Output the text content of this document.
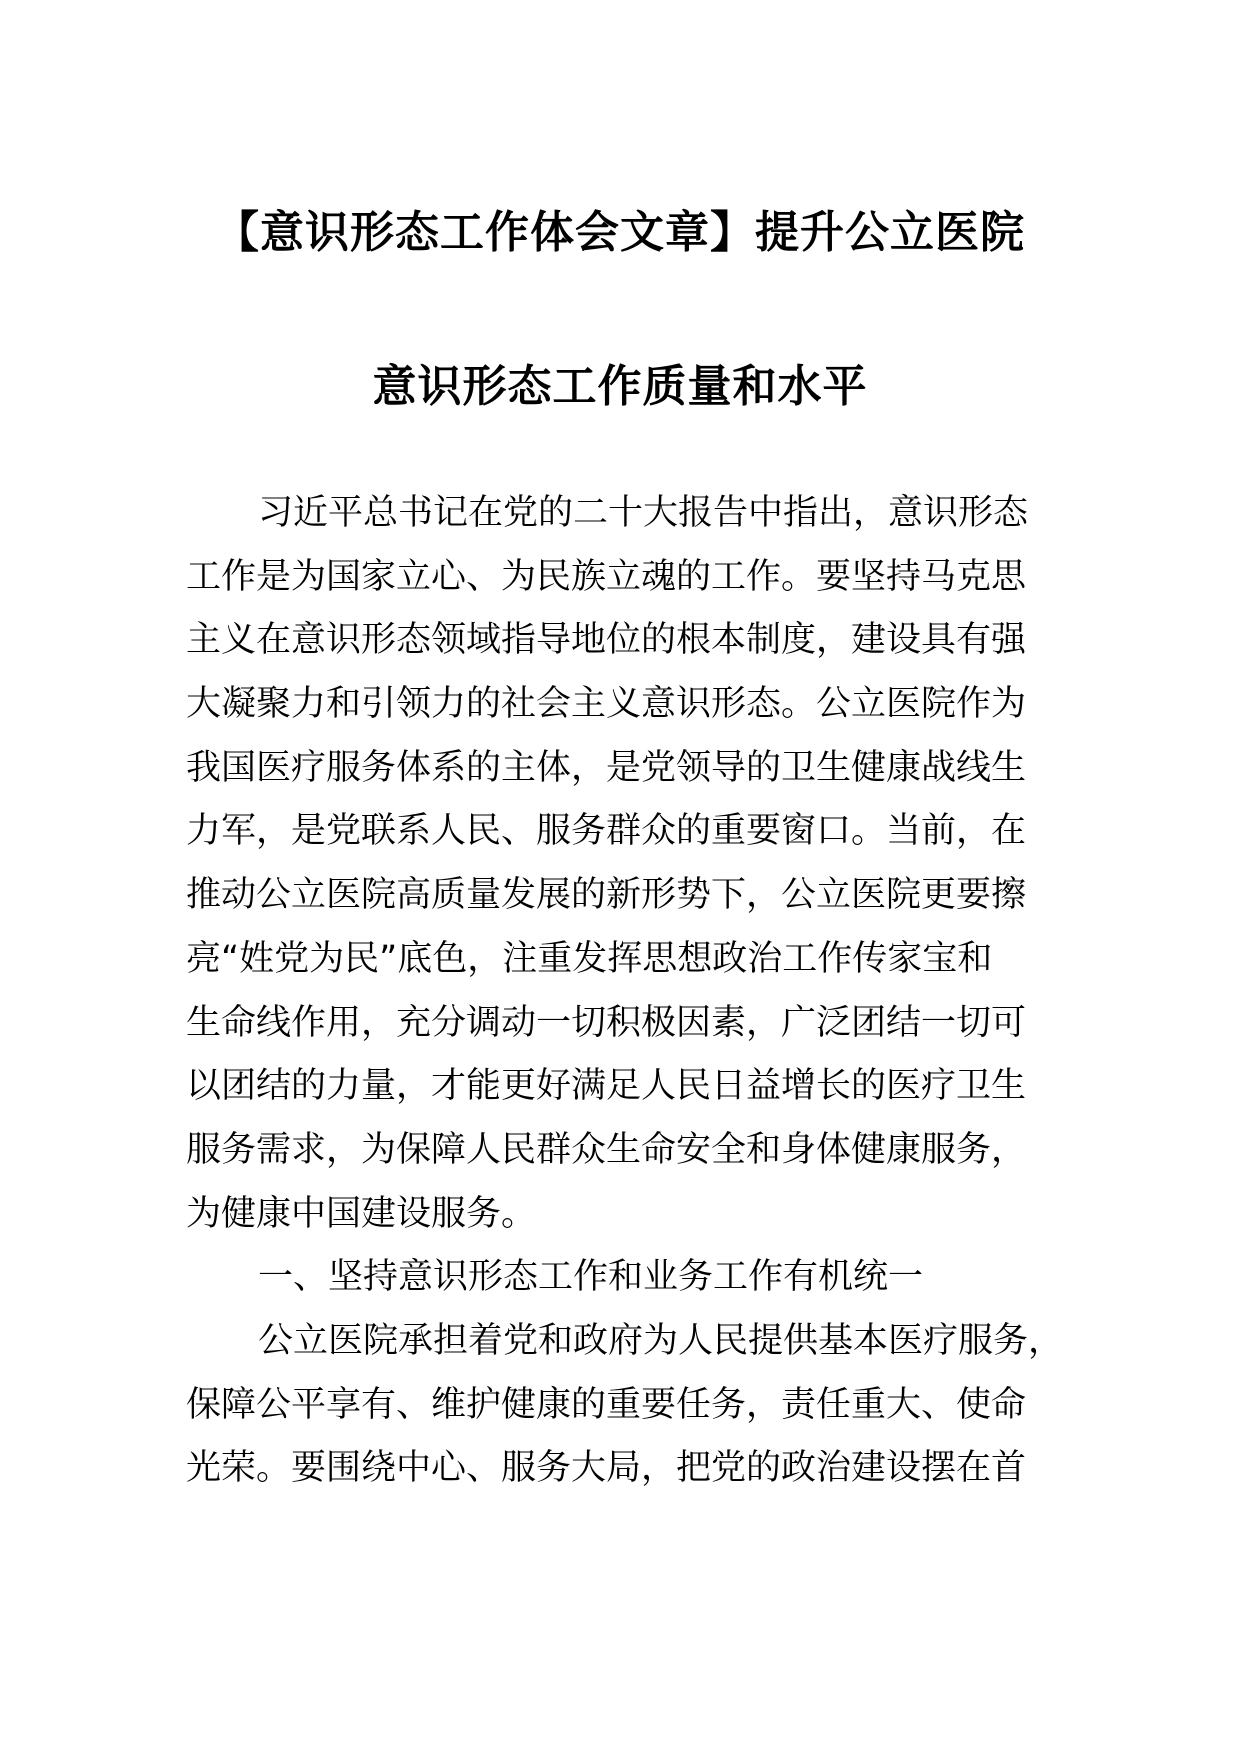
【意识形态工作体会文章】提升公立医院
意识形态工作质量和水平
习近平总书记在党的二十大报告中指出，意识形态
工作是为国家立心、为民族立魂的工作。要坚持马克思
主义在意识形态领域指导地位的根本制度，建设具有强
大凝聚力和引领力的社会主义意识形态。公立医院作为
我国医疗服务体系的主体，是党领导的卫生健康战线生
力军，是党联系人民、服务群众的重要窗口。当前，在
推动公立医院高质量发展的新形势下，公立医院更要擦
亮“姓党为民”底色，注重发挥思想政治工作传家宝和
生命线作用，充分调动一切积极因素，广泛团结一切可
以团结的力量，才能更好满足人民日益增长的医疗卫生
服务需求，为保障人民群众生命安全和身体健康服务，
为健康中国建设服务。
一、坚持意识形态工作和业务工作有机统一
公立医院承担着党和政府为人民提供基本医疗服务，
保障公平享有、维护健康的重要任务，责任重大、使命
光荣。要围绕中心、服务大局，把党的政治建设摆在首
